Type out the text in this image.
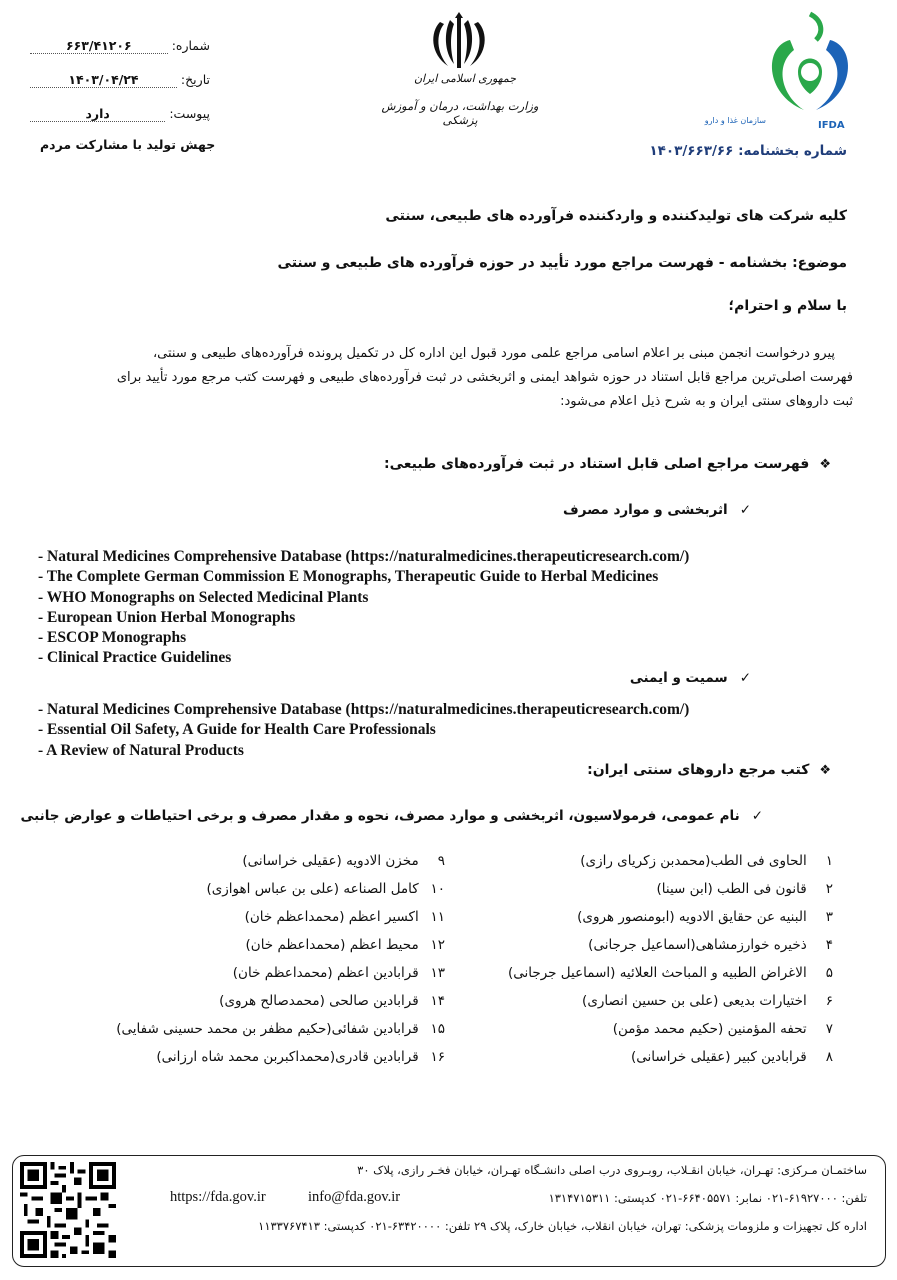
شماره:
۶۶۳/۴۱۲۰۶
تاریخ:
۱۴۰۳/۰۴/۲۴
پیوست:
دارد
جهش تولید با مشارکت مردم
جمهوری اسلامی ایران
وزارت بهداشت، درمان و آموزش پزشکی	سازمان غذا و دارو	IFDA
شماره بخشنامه: ۱۴۰۳/۶۶۳/۶۶
کلیه شرکت های تولیدکننده و واردکننده فرآورده های طبیعی، سنتی
موضوع: بخشنامه - فهرست مراجع مورد تأیید در حوزه فرآورده های طبیعی و سنتی
با سلام و احترام؛
پیرو درخواست انجمن مبنی بر اعلام اسامی مراجع علمی مورد قبول این اداره کل در تکمیل پرونده فرآورده‌های طبیعی و سنتی،
فهرست اصلی‌ترین مراجع قابل استناد در حوزه شواهد ایمنی و اثربخشی در ثبت فرآورده‌های طبیعی و فهرست کتب مرجع مورد تأیید برای
ثبت داروهای سنتی ایران و به شرح ذیل اعلام می‌شود:
❖فهرست مراجع اصلی قابل استناد در ثبت فرآورده‌های طبیعی:
✓اثربخشی و موارد مصرف
- Natural Medicines Comprehensive Database (https://naturalmedicines.therapeuticresearch.com/)
- The Complete German Commission E Monographs, Therapeutic Guide to Herbal Medicines
- WHO Monographs on Selected Medicinal Plants
- European Union Herbal Monographs
- ESCOP Monographs
- Clinical Practice Guidelines
✓سمیت و ایمنی
- Natural Medicines Comprehensive Database (https://naturalmedicines.therapeuticresearch.com/)
- Essential Oil Safety, A Guide for Health Care Professionals
- A Review of Natural Products
❖کتب مرجع داروهای سنتی ایران:
✓نام عمومی، فرمولاسیون، اثربخشی و موارد مصرف، نحوه و مقدار مصرف و برخی احتیاطات و عوارض جانبی
۱ الحاوی فی الطب(محمدبن زکریای رازی)
۲ قانون فی الطب (ابن سینا)
۳ البنیه عن حقایق الادویه (ابومنصور هروی)
۴ ذخیره خوارزمشاهی(اسماعیل جرجانی)
۵ الاغراض الطبیه و المباحث العلائیه (اسماعیل جرجانی)
۶ اختیارات بدیعی (علی بن حسین انصاری)
۷ تحفه المؤمنین (حکیم محمد مؤمن)
۸ قرابادین کبیر (عقیلی خراسانی)
۹ مخزن الادویه (عقیلی خراسانی)
۱۰ کامل الصناعه (علی بن عباس اهوازی)
۱۱ اکسیر اعظم (محمداعظم خان)
۱۲ محیط اعظم (محمداعظم خان)
۱۳ قرابادین اعظم (محمداعظم خان)
۱۴ قرابادین صالحی (محمدصالح هروی)
۱۵ قرابادین شفائی(حکیم مظفر بن محمد حسینی شفایی)
۱۶ قرابادین قادری(محمداکبربن محمد شاه ارزانی)
ساختمـان مـرکزی: تهـران، خیابان انقـلاب، روبـروی درب اصلی دانشـگاه تهـران، خیابان فخـر رازی، پلاک ۳۰
تلفن: ۶۱۹۲۷۰۰۰-۰۲۱ نمابر: ۶۶۴۰۵۵۷۱-۰۲۱ کدپستی: ۱۳۱۴۷۱۵۳۱۱
info@fda.gov.ir
https://fda.gov.ir
اداره کل تجهیزات و ملزومات پزشکی: تهران، خیابان انقلاب، خیابان خارک، پلاک ۲۹ تلفن: ۶۳۴۲۰۰۰۰-۰۲۱ کدپستی: ۱۱۳۳۷۶۷۴۱۳
